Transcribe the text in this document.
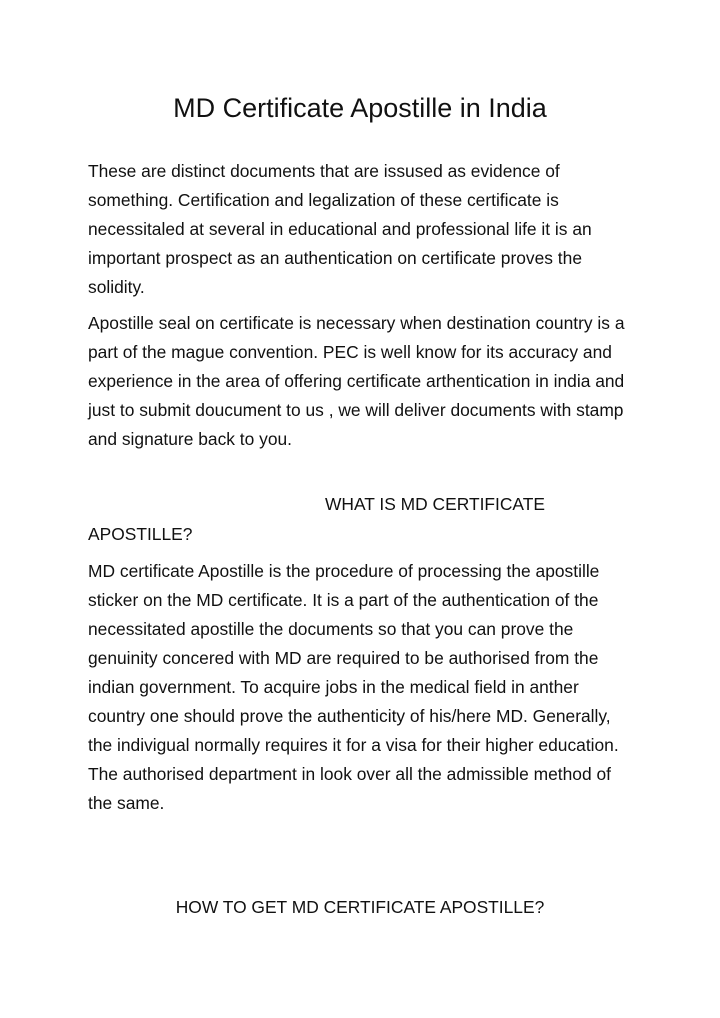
MD Certificate Apostille in India

These are distinct documents that are issused as evidence of something. Certification and legalization of these certificate is necessitaled at several in educational and professional life it is an important prospect as an authentication on certificate proves the solidity.

Apostille seal on certificate is necessary when destination country is a part of the mague convention. PEC is well know for its accuracy and experience in the area of offering certificate arthentication in india and just to submit doucument to us , we will deliver documents with stamp and signature back to you.

WHAT IS MD CERTIFICATE

APOSTILLE?

MD certificate Apostille is the procedure of processing the apostille sticker on the MD certificate. It is a part of the authentication of the necessitated apostille the documents so that you can prove the genuinity concered with MD are required to be authorised from the indian government. To acquire jobs in the medical field in anther country one should prove the authenticity of his/here MD. Generally, the indivigual normally requires it for a visa for their higher education. The authorised department in look over all the admissible method of the same.

HOW TO GET MD CERTIFICATE APOSTILLE?
